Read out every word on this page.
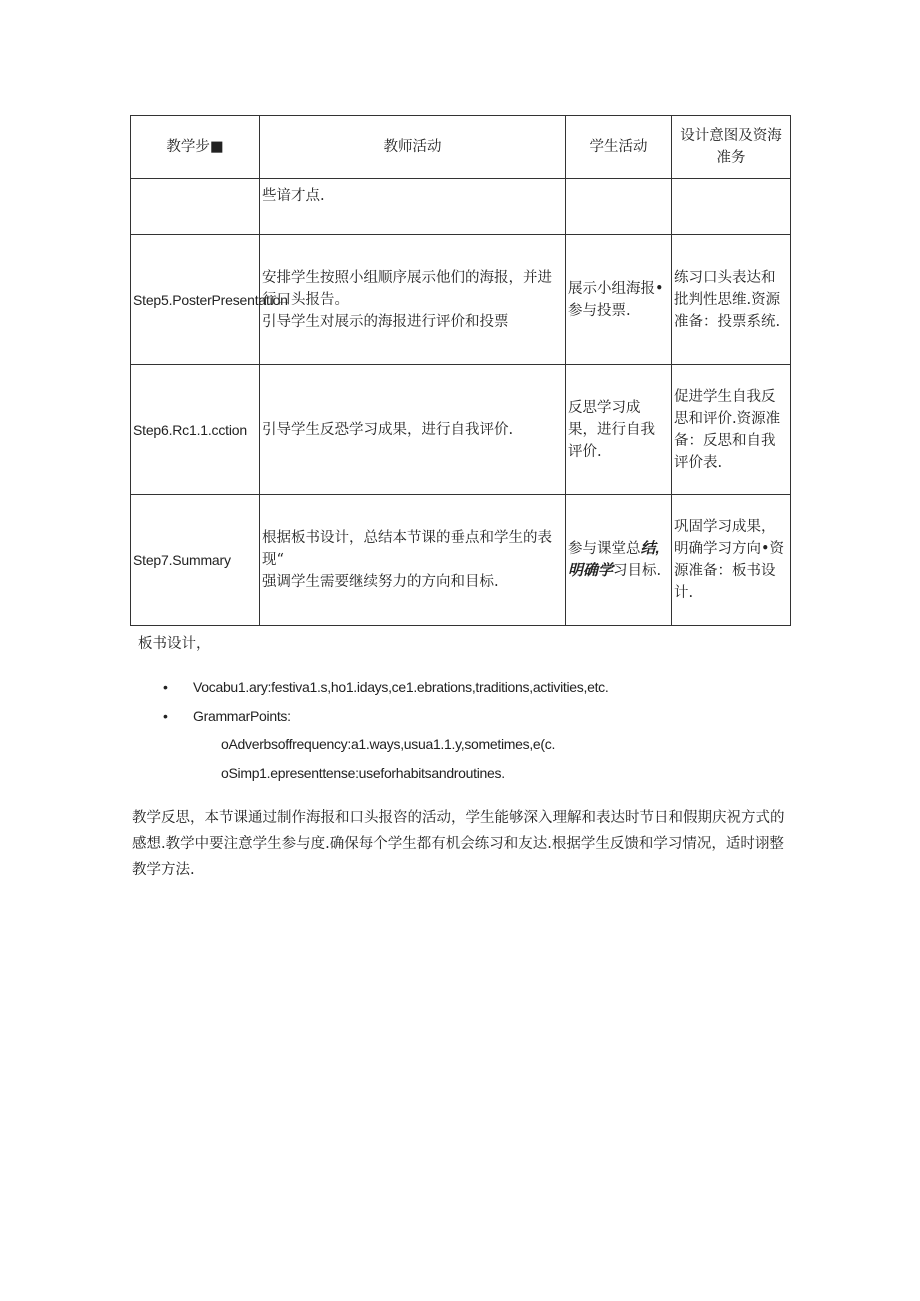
教学步■	教师活动	学生活动	设计意图及资海准务

	些谙才点.		

Step5.PosterPresentation	安排学生按照小组顺序展示他们的海报，并进行口头报告。
引导学生对展示的海报进行评价和投票	展示小组海报•参与投票.	练习口头表达和批判性思维.资源准备：投票系统.

Step6.Rc1.1.cction	引导学生反恐学习成果，进行自我评价.	反思学习成果，进行自我评价.	促进学生自我反思和评价.资源准备：反思和自我评价表.

Step7.Summary	根据板书设计，总结本节课的垂点和学生的表现“
强调学生需要继续努力的方向和目标.	参与课堂总结,明确学习目标.	巩固学习成果，明确学习方向•资源准备：板书设计.

板书设计，

• Vocabu1.ary:festiva1.s,ho1.idays,ce1.ebrations,traditions,activities,etc.
• GrammarPoints:
oAdverbsoffrequency:a1.ways,usua1.1.y,sometimes,e(c.
oSimp1.epresenttense:useforhabitsandroutines.

教学反思，本节课通过制作海报和口头报咨的活动，学生能够深入理解和表达时节日和假期庆祝方式的感想.教学中要注意学生参与度.确保每个学生都有机会练习和友达.根据学生反馈和学习情况，适时诩整教学方法.
